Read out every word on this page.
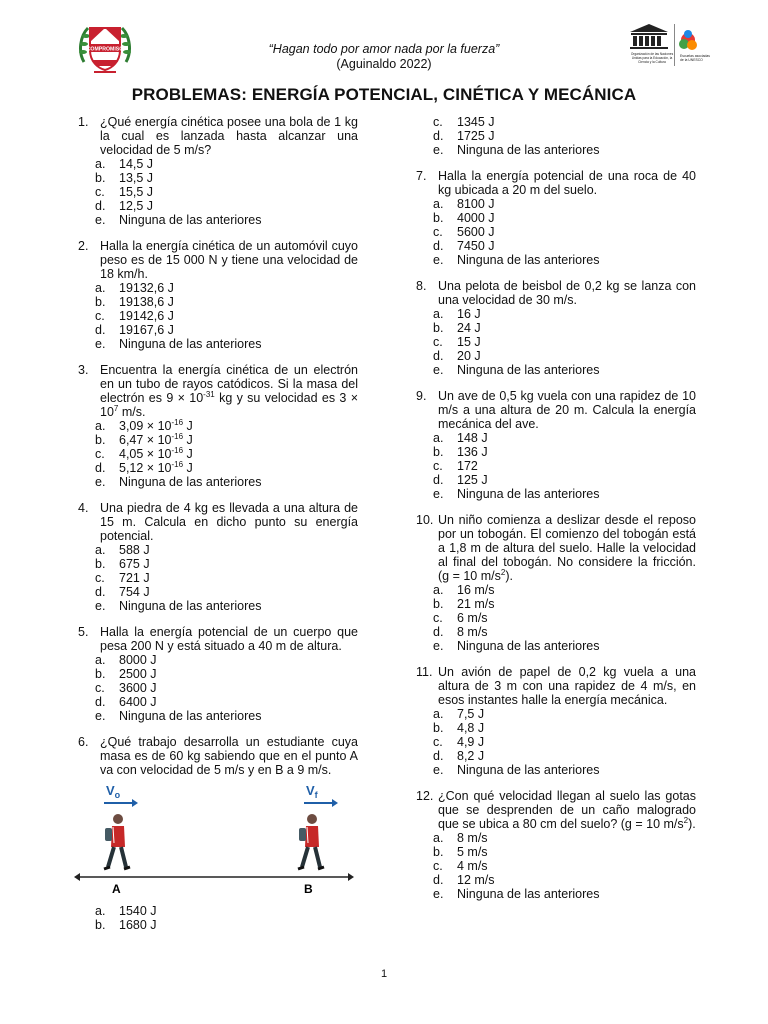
COMPROMISO	“Hagan todo por amor nada por la fuerza”
(Aguinaldo 2022)
Organización de las Naciones Unidas para la Educación, la Ciencia y la Cultura
Escuelas asociadas de la UNESCO
PROBLEMAS: ENERGÍA POTENCIAL, CINÉTICA Y MECÁNICA
1. ¿Qué energía cinética posee una bola de 1 kg la cual es lanzada hasta alcanzar una velocidad de 5 m/s?
a. 14,5 J
b. 13,5 J
c. 15,5 J
d. 12,5 J
e. Ninguna de las anteriores
2. Halla la energía cinética de un automóvil cuyo peso es de 15 000 N y tiene una velocidad de 18 km/h.
a. 19132,6 J
b. 19138,6 J
c. 19142,6 J
d. 19167,6 J
e. Ninguna de las anteriores
3. Encuentra la energía cinética de un electrón en un tubo de rayos catódicos. Si la masa del electrón es $9 \times 10^{-31}$ kg y su velocidad es $3 \times 10^7$ m/s.
a. $3,09 \times 10^{-16}$ J
b. $6,47 \times 10^{-16}$ J
c. $4,05 \times 10^{-16}$ J
d. $5,12 \times 10^{-16}$ J
e. Ninguna de las anteriores
4. Una piedra de 4 kg es llevada a una altura de 15 m. Calcula en dicho punto su energía potencial.
a. 588 J
b. 675 J
c. 721 J
d. 754 J
e. Ninguna de las anteriores
5. Halla la energía potencial de un cuerpo que pesa 200 N y está situado a 40 m de altura.
a. 8000 J
b. 2500 J
c. 3600 J
d. 6400 J
e. Ninguna de las anteriores
6. ¿Qué trabajo desarrolla un estudiante cuya masa es de 60 kg sabiendo que en el punto A va con velocidad de 5 m/s y en B a 9 m/s.
$V_o$	$V_f$
A	B
a. 1540 J
b. 1680 J
c. 1345 J
d. 1725 J
e. Ninguna de las anteriores
7. Halla la energía potencial de una roca de 40 kg ubicada a 20 m del suelo.
a. 8100 J
b. 4000 J
c. 5600 J
d. 7450 J
e. Ninguna de las anteriores
8. Una pelota de beisbol de 0,2 kg se lanza con una velocidad de 30 m/s.
a. 16 J
b. 24 J
c. 15 J
d. 20 J
e. Ninguna de las anteriores
9. Un ave de 0,5 kg vuela con una rapidez de 10 m/s a una altura de 20 m. Calcula la energía mecánica del ave.
a. 148 J
b. 136 J
c. 172
d. 125 J
e. Ninguna de las anteriores
10. Un niño comienza a deslizar desde el reposo por un tobogán. El comienzo del tobogán está a 1,8 m de altura del suelo. Halle la velocidad al final del tobogán. No considere la fricción. (g = 10 $m/s^2$).
a. 16 m/s
b. 21 m/s
c. 6 m/s
d. 8 m/s
e. Ninguna de las anteriores
11. Un avión de papel de 0,2 kg vuela a una altura de 3 m con una rapidez de 4 m/s, en esos instantes halle la energía mecánica.
a. 7,5 J
b. 4,8 J
c. 4,9 J
d. 8,2 J
e. Ninguna de las anteriores
12. ¿Con qué velocidad llegan al suelo las gotas que se desprenden de un caño malogrado que se ubica a 80 cm del suelo? (g = 10 $m/s^2$).
a. 8 m/s
b. 5 m/s
c. 4 m/s
d. 12 m/s
e. Ninguna de las anteriores
1
